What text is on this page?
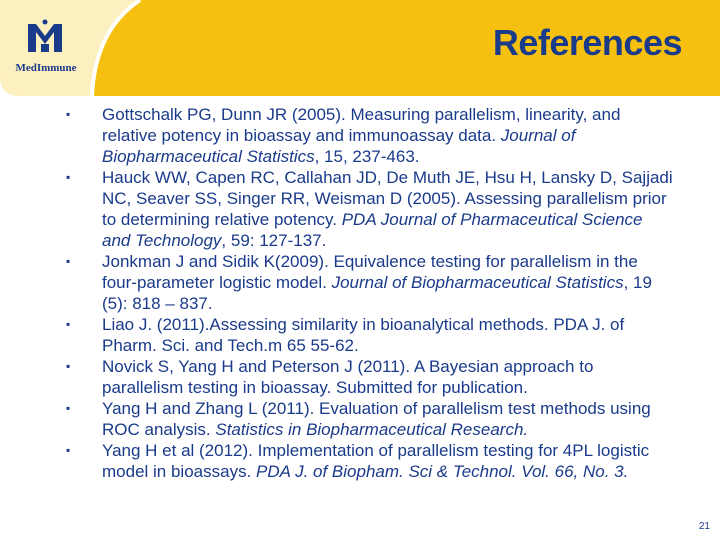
MedImmune
References
▪ Gottschalk PG, Dunn JR (2005). Measuring parallelism, linearity, and relative potency in bioassay and immunoassay data. Journal of Biopharmaceutical Statistics, 15, 237-463.
▪ Hauck WW, Capen RC, Callahan JD, De Muth JE, Hsu H, Lansky D, Sajjadi NC, Seaver SS, Singer RR, Weisman D (2005). Assessing parallelism prior to determining relative potency. PDA Journal of Pharmaceutical Science and Technology, 59: 127-137.
▪ Jonkman J and Sidik K(2009). Equivalence testing for parallelism in the four-parameter logistic model. Journal of Biopharmaceutical Statistics, 19 (5): 818 – 837.
▪ Liao J. (2011).Assessing similarity in bioanalytical methods. PDA J. of Pharm. Sci. and Tech.m 65 55-62.
▪ Novick S, Yang H and Peterson J (2011). A Bayesian approach to parallelism testing in bioassay. Submitted for publication.
▪ Yang H and Zhang L (2011). Evaluation of parallelism test methods using ROC analysis. Statistics in Biopharmaceutical Research.
▪ Yang H et al (2012). Implementation of parallelism testing for 4PL logistic model in bioassays. PDA J. of Biopham. Sci & Technol. Vol. 66, No. 3.
21
